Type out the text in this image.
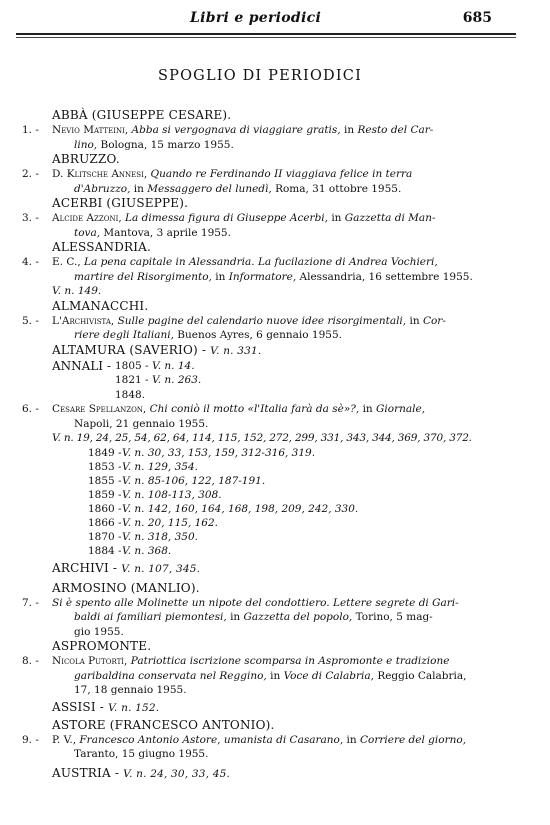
Libri e periodici	685
SPOGLIO DI PERIODICI

ABBÀ (GIUSEPPE CESARE).

1. - Nevio Matteini, Abba si vergognava di viaggiare gratis, in Resto del Car-
lino, Bologna, 15 marzo 1955.

ABRUZZO.

2. - D. Klitsche Annesi, Quando re Ferdinando II viaggiava felice in terra
d'Abruzzo, in Messaggero del lunedì, Roma, 31 ottobre 1955.

ACERBI (GIUSEPPE).

3. - Alcide Azzoni, La dimessa figura di Giuseppe Acerbi, in Gazzetta di Man-
tova, Mantova, 3 aprile 1955.

ALESSANDRIA.

4. - E. C., La pena capitale in Alessandria. La fucilazione di Andrea Vochieri,
martire del Risorgimento, in Informatore, Alessandria, 16 settembre 1955.
V. n. 149.

ALMANACCHI.

5. - L'Archivista, Sulle pagine del calendario nuove idee risorgimentali, in Cor-
riere degli Italiani, Buenos Ayres, 6 gennaio 1955.

ALTAMURA (SAVERIO) - V. n. 331.

ANNALI - 1805 - V. n. 14.
1821 - V. n. 263.
1848.
6. - Cesare Spellanzon, Chi coniò il motto «l'Italia farà da sè»?, in Giornale,
Napoli, 21 gennaio 1955.
V. n. 19, 24, 25, 54, 62, 64, 114, 115, 152, 272, 299, 331, 343, 344, 369, 370, 372.
1849 - V. n. 30, 33, 153, 159, 312-316, 319.
1853 - V. n. 129, 354.
1855 - V. n. 85-106, 122, 187-191.
1859 - V. n. 108-113, 308.
1860 - V. n. 142, 160, 164, 168, 198, 209, 242, 330.
1866 - V. n. 20, 115, 162.
1870 - V. n. 318, 350.
1884 - V. n. 368.

ARCHIVI - V. n. 107, 345.

ARMOSINO (MANLIO).

7. - Si è spento alle Molinette un nipote del condottiero. Lettere segrete di Gari-
baldi ai familiari piemontesi, in Gazzetta del popolo, Torino, 5 mag-
gio 1955.

ASPROMONTE.

8. - Nicola Putortì, Patriottica iscrizione scomparsa in Aspromonte e tradizione
garibaldina conservata nel Reggino, in Voce di Calabria, Reggio Calabria,
17, 18 gennaio 1955.

ASSISI - V. n. 152.

ASTORE (FRANCESCO ANTONIO).

9. - P. V., Francesco Antonio Astore, umanista di Casarano, in Corriere del giorno,
Taranto, 15 giugno 1955.

AUSTRIA - V. n. 24, 30, 33, 45.
